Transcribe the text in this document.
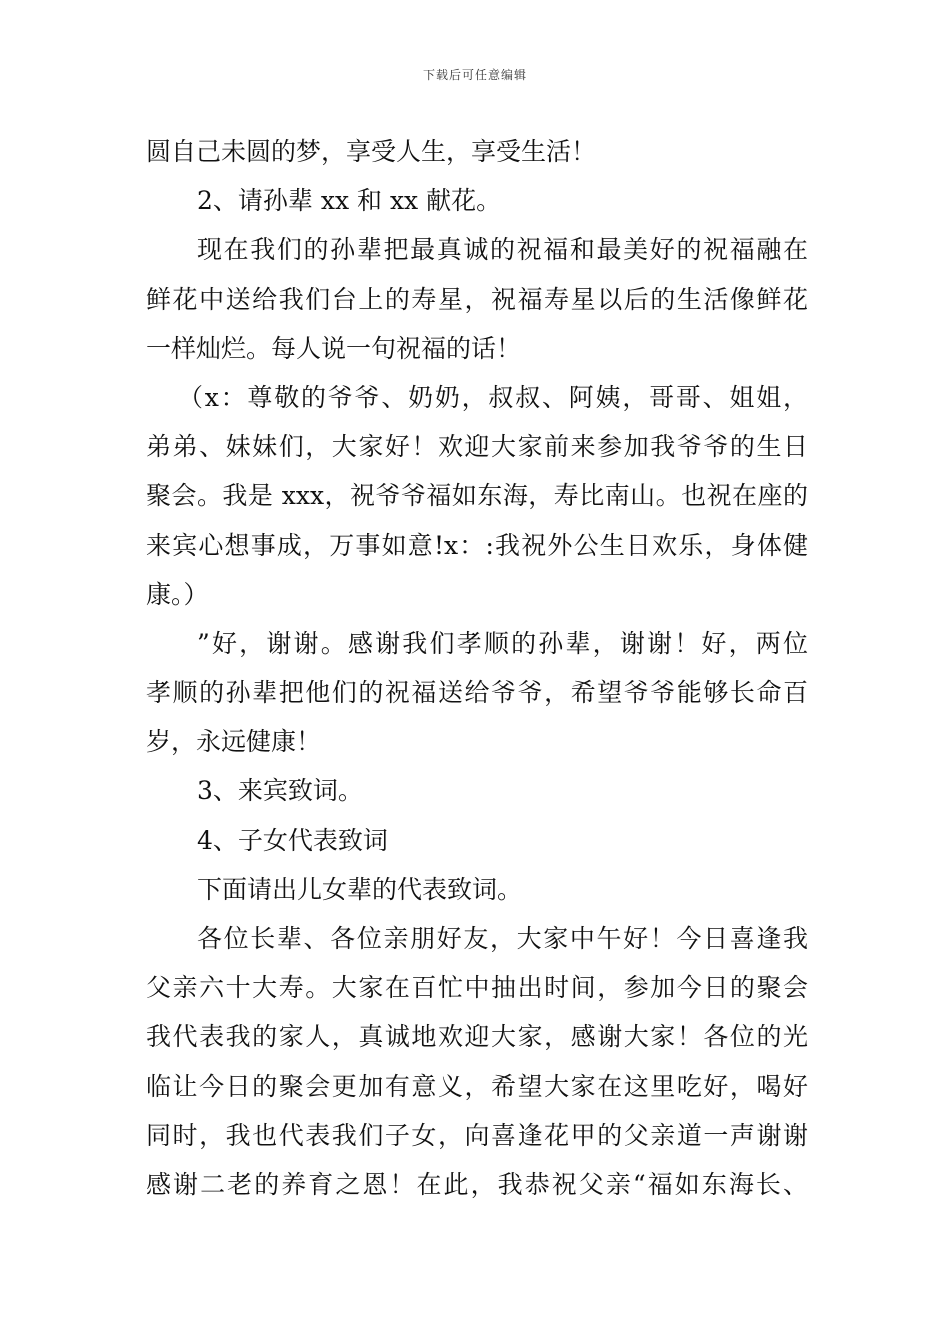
下载后可任意编辑
圆自己未圆的梦，享受人生，享受生活！
2、请孙辈 xx 和 xx 献花。
现在我们的孙辈把最真诚的祝福和最美好的祝福融在
鲜花中送给我们台上的寿星，祝福寿星以后的生活像鲜花
一样灿烂。每人说一句祝福的话！
（x：尊敬的爷爷、奶奶，叔叔、阿姨，哥哥、姐姐，
弟弟、妹妹们，大家好！欢迎大家前来参加我爷爷的生日
聚会。我是 xxx，祝爷爷福如东海，寿比南山。也祝在座的
来宾心想事成，万事如意!x：:我祝外公生日欢乐，身体健
康。）
”好，谢谢。感谢我们孝顺的孙辈，谢谢！好，两位
孝顺的孙辈把他们的祝福送给爷爷，希望爷爷能够长命百
岁，永远健康！
3、来宾致词。
4、子女代表致词
下面请出儿女辈的代表致词。
各位长辈、各位亲朋好友，大家中午好！今日喜逢我
父亲六十大寿。大家在百忙中抽出时间，参加今日的聚会
我代表我的家人，真诚地欢迎大家，感谢大家！各位的光
临让今日的聚会更加有意义，希望大家在这里吃好，喝好
同时，我也代表我们子女，向喜逢花甲的父亲道一声谢谢
感谢二老的养育之恩！在此，我恭祝父亲“福如东海长、
